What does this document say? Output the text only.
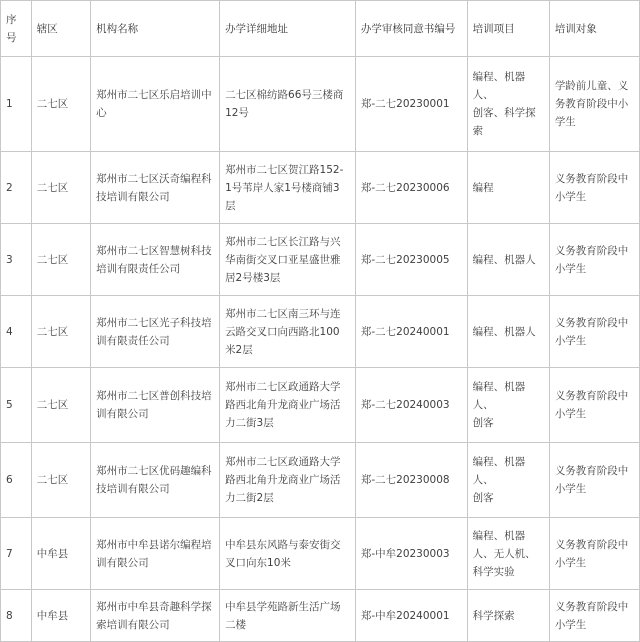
序号	辖区	机构名称	办学详细地址	办学审核同意书编号	培训项目	培训对象

1	二七区	郑州市二七区乐启培训中心	二七区棉纺路66号三楼商12号	郑-二七20230001	编程、机器人、
创客、科学探索	学龄前儿童、义务教育阶段中小学生

2	二七区	郑州市二七区沃奇编程科技培训有限公司	郑州市二七区贺江路152-1号苇岸人家1号楼商铺3层	郑-二七20230006	编程	义务教育阶段中小学生

3	二七区	郑州市二七区智慧树科技培训有限责任公司	郑州市二七区长江路与兴华南街交叉口亚星盛世雅居2号楼3层	郑-二七20230005	编程、机器人	义务教育阶段中小学生

4	二七区	郑州市二七区光子科技培训有限责任公司	郑州市二七区南三环与连云路交叉口向西路北100米2层	郑-二七20240001	编程、机器人	义务教育阶段中小学生

5	二七区	郑州市二七区普创科技培训有限公司	郑州市二七区政通路大学路西北角升龙商业广场活力二街3层	郑-二七20240003	编程、机器人、
创客	义务教育阶段中小学生

6	二七区	郑州市二七区优码趣编科技培训有限公司	郑州市二七区政通路大学路西北角升龙商业广场活力二街2层	郑-二七20230008	编程、机器人、
创客	义务教育阶段中小学生

7	中牟县	郑州市中牟县诺尔编程培训有限公司	中牟县东风路与泰安街交叉口向东10米	郑-中牟20230003	编程、机器人、无人机、科学实验	义务教育阶段中小学生

8	中牟县	郑州市中牟县奇趣科学探索培训有限公司	中牟县学苑路新生活广场二楼	郑-中牟20240001	科学探索	义务教育阶段中小学生
